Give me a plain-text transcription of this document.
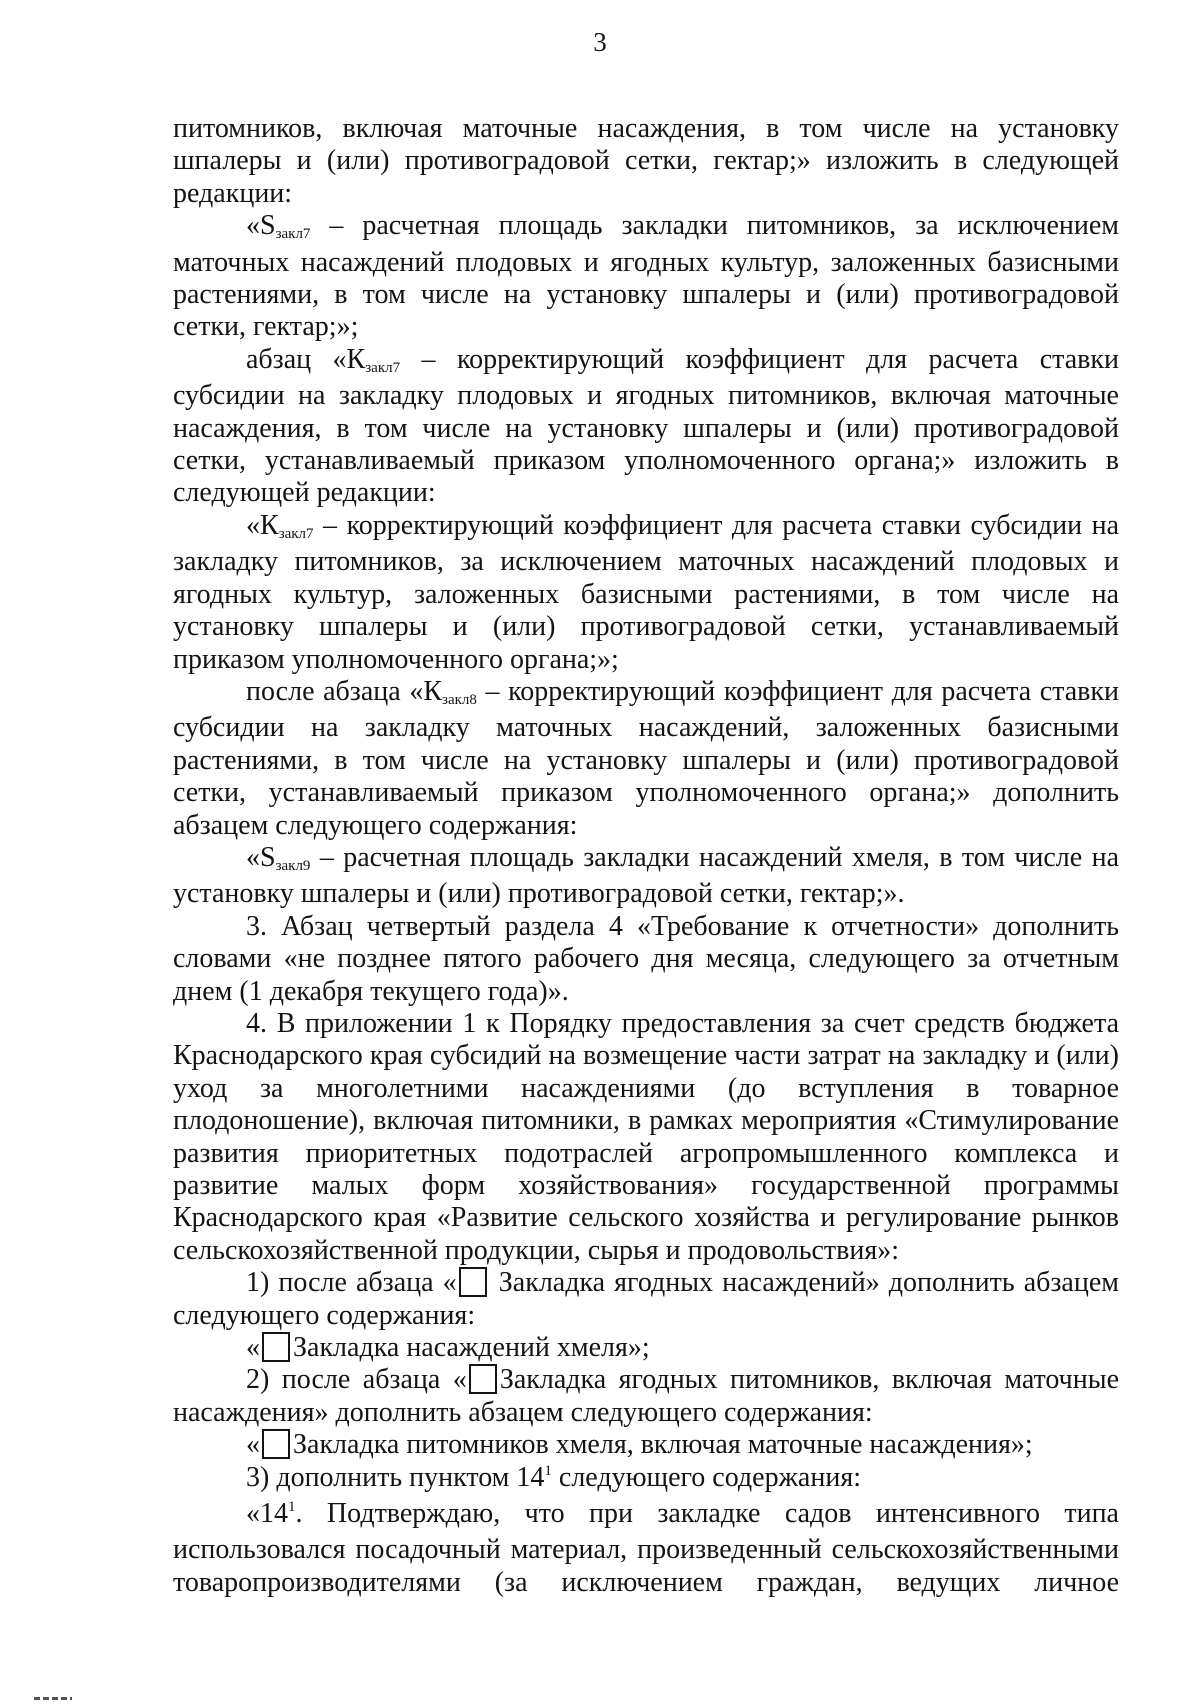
3

питомников, включая маточные насаждения, в том числе на установку шпалеры и (или) противоградовой сетки, гектар;» изложить в следующей редакции:

«$S_{закл7}$ – расчетная площадь закладки питомников, за исключением маточных насаждений плодовых и ягодных культур, заложенных базисными растениями, в том числе на установку шпалеры и (или) противоградовой сетки, гектар;»;

абзац «$К_{закл7}$ – корректирующий коэффициент для расчета ставки субсидии на закладку плодовых и ягодных питомников, включая маточные насаждения, в том числе на установку шпалеры и (или) противоградовой сетки, устанавливаемый приказом уполномоченного органа;» изложить в следующей редакции:

«$К_{закл7}$ – корректирующий коэффициент для расчета ставки субсидии на закладку питомников, за исключением маточных насаждений плодовых и ягодных культур, заложенных базисными растениями, в том числе на установку шпалеры и (или) противоградовой сетки, устанавливаемый приказом уполномоченного органа;»;

после абзаца «$К_{закл8}$ – корректирующий коэффициент для расчета ставки субсидии на закладку маточных насаждений, заложенных базисными растениями, в том числе на установку шпалеры и (или) противоградовой сетки, устанавливаемый приказом уполномоченного органа;» дополнить абзацем следующего содержания:

«$S_{закл9}$ – расчетная площадь закладки насаждений хмеля, в том числе на установку шпалеры и (или) противоградовой сетки, гектар;».

3. Абзац четвертый раздела 4 «Требование к отчетности» дополнить словами «не позднее пятого рабочего дня месяца, следующего за отчетным днем (1 декабря текущего года)».

4. В приложении 1 к Порядку предоставления за счет средств бюджета Краснодарского края субсидий на возмещение части затрат на закладку и (или) уход за многолетними насаждениями (до вступления в товарное плодоношение), включая питомники, в рамках мероприятия «Стимулирование развития приоритетных подотраслей агропромышленного комплекса и развитие малых форм хозяйствования» государственной программы Краснодарского края «Развитие сельского хозяйства и регулирование рынков сельскохозяйственной продукции, сырья и продовольствия»:

1) после абзаца « Закладка ягодных насаждений» дополнить абзацем следующего содержания:

« Закладка насаждений хмеля»;

2) после абзаца « Закладка ягодных питомников, включая маточные насаждения» дополнить абзацем следующего содержания:

« Закладка питомников хмеля, включая маточные насаждения»;

3) дополнить пунктом $14^1$ следующего содержания:

«$14^1$. Подтверждаю, что при закладке садов интенсивного типа использовался посадочный материал, произведенный сельскохозяйственными товаропроизводителями (за исключением граждан, ведущих личное
